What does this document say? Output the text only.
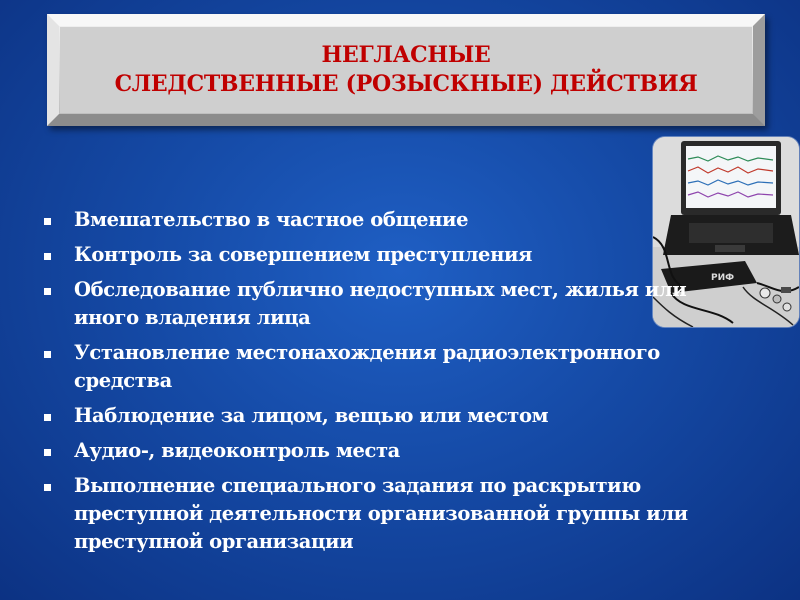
НЕГЛАСНЫЕ
СЛЕДСТВЕННЫЕ (РОЗЫСКНЫЕ) ДЕЙСТВИЯ
РИФ
Вмешательство в частное общение
Контроль за совершением преступления
Обследование публично недоступных мест, жилья или иного владения лица
Установление местонахождения радиоэлектронного средства
Наблюдение за лицом, вещью или местом
Аудио-, видеоконтроль места
Выполнение специального задания по раскрытию преступной деятельности организованной группы или преступной организации
